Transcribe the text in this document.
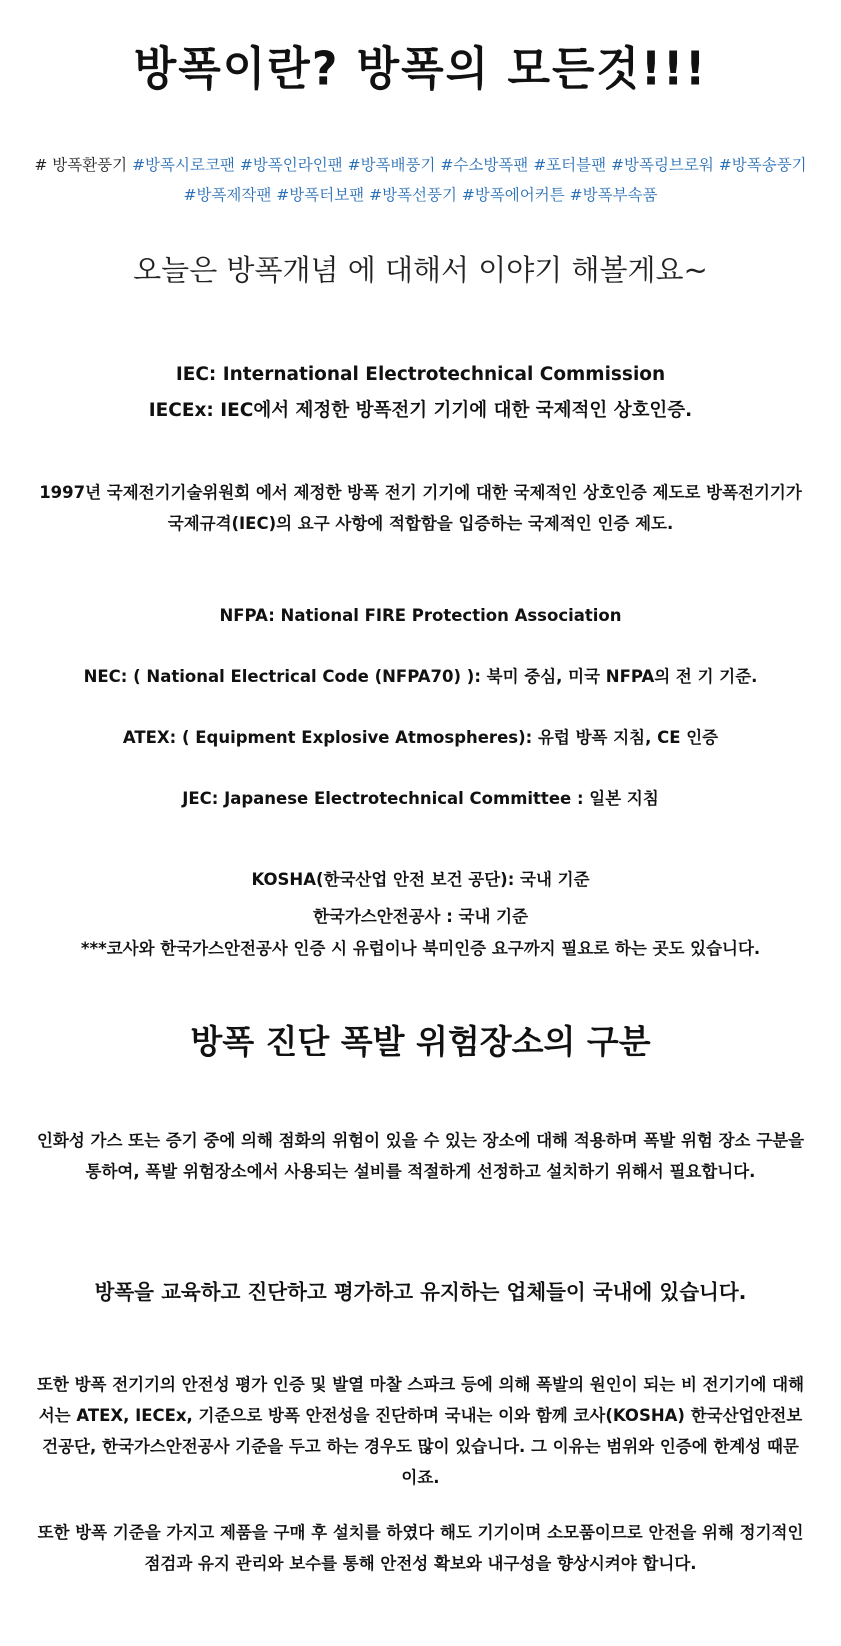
방폭이란? 방폭의 모든것!!!
# 방폭환풍기 #방폭시로코팬 #방폭인라인팬 #방폭배풍기 #수소방폭팬 #포터블팬 #방폭링브로워 #방폭송풍기 #방폭제작팬 #방폭터보팬 #방폭선풍기 #방폭에어커튼 #방폭부속품
오늘은 방폭개념 에 대해서 이야기 해볼게요~
IEC: International Electrotechnical Commission
IECEx: IEC에서 제정한 방폭전기 기기에 대한 국제적인 상호인증.
1997년 국제전기기술위원회 에서 제정한 방폭 전기 기기에 대한 국제적인 상호인증 제도로 방폭전기기가 국제규격(IEC)의 요구 사항에 적합함을 입증하는 국제적인 인증 제도.
NFPA: National FIRE Protection Association
NEC: ( National Electrical Code (NFPA70) ): 북미 중심, 미국 NFPA의 전 기 기준.
ATEX: ( Equipment Explosive Atmospheres): 유럽 방폭 지침, CE 인증
JEC: Japanese Electrotechnical Committee : 일본 지침
KOSHA(한국산업 안전 보건 공단): 국내 기준
한국가스안전공사 : 국내 기준
***코사와 한국가스안전공사 인증 시 유럽이나 북미인증 요구까지 필요로 하는 곳도 있습니다.
방폭 진단 폭발 위험장소의 구분
인화성 가스 또는 증기 중에 의해 점화의 위험이 있을 수 있는 장소에 대해 적용하며 폭발 위험 장소 구분을 통하여, 폭발 위험장소에서 사용되는 설비를 적절하게 선정하고 설치하기 위해서 필요합니다.
방폭을 교육하고 진단하고 평가하고 유지하는 업체들이 국내에 있습니다.
또한 방폭 전기기의 안전성 평가 인증 및 발열 마찰 스파크 등에 의해 폭발의 원인이 되는 비 전기기에 대해서는 ATEX, IECEx, 기준으로 방폭 안전성을 진단하며 국내는 이와 함께 코사(KOSHA) 한국산업안전보건공단, 한국가스안전공사 기준을 두고 하는 경우도 많이 있습니다. 그 이유는 범위와 인증에 한계성 때문이죠.
또한 방폭 기준을 가지고 제품을 구매 후 설치를 하였다 해도 기기이며 소모품이므로 안전을 위해 정기적인 점검과 유지 관리와 보수를 통해 안전성 확보와 내구성을 향상시켜야 합니다.
